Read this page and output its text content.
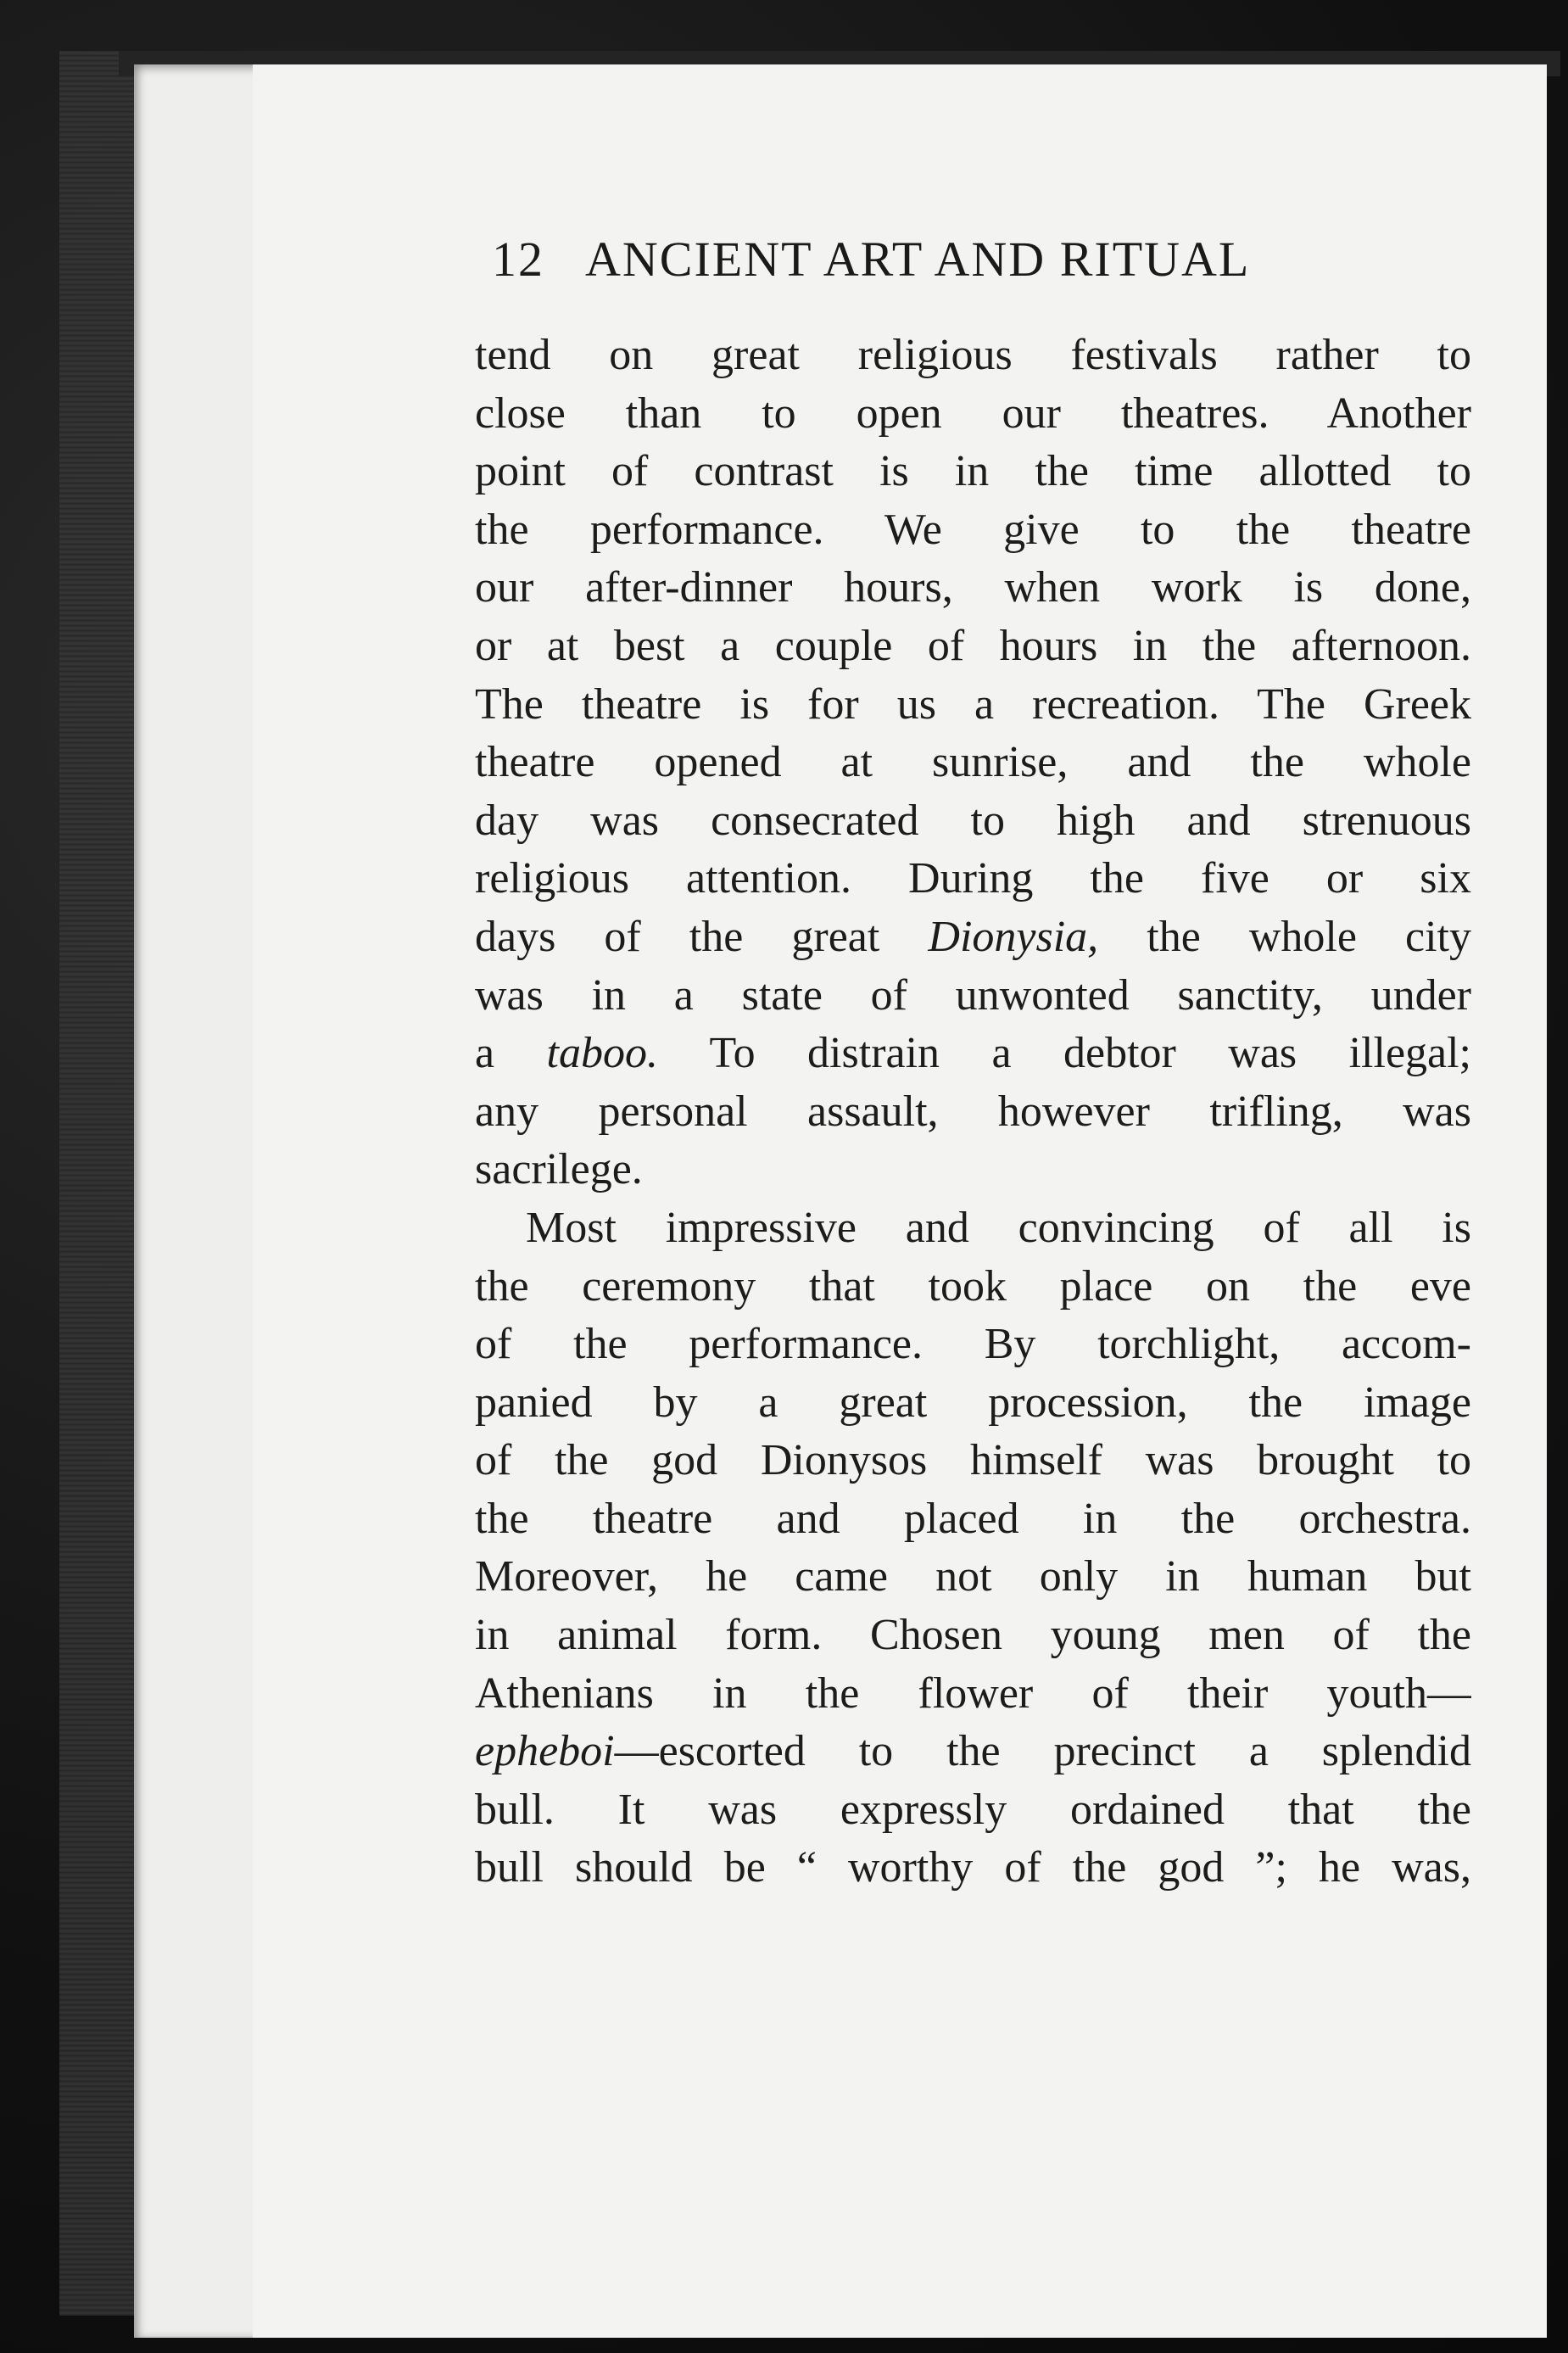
12 ANCIENT ART AND RITUAL
tend on great religious festivals rather to
close than to open our theatres. Another
point of contrast is in the time allotted to
the performance. We give to the theatre
our after-dinner hours, when work is done,
or at best a couple of hours in the afternoon.
The theatre is for us a recreation. The Greek
theatre opened at sunrise, and the whole
day was consecrated to high and strenuous
religious attention. During the five or six
days of the great Dionysia, the whole city
was in a state of unwonted sanctity, under
a taboo. To distrain a debtor was illegal;
any personal assault, however trifling, was
sacrilege.
Most impressive and convincing of all is
the ceremony that took place on the eve
of the performance. By torchlight, accom-
panied by a great procession, the image
of the god Dionysos himself was brought to
the theatre and placed in the orchestra.
Moreover, he came not only in human but
in animal form. Chosen young men of the
Athenians in the flower of their youth—
epheboi—escorted to the precinct a splendid
bull. It was expressly ordained that the
bull should be “ worthy of the god ”; he was,
